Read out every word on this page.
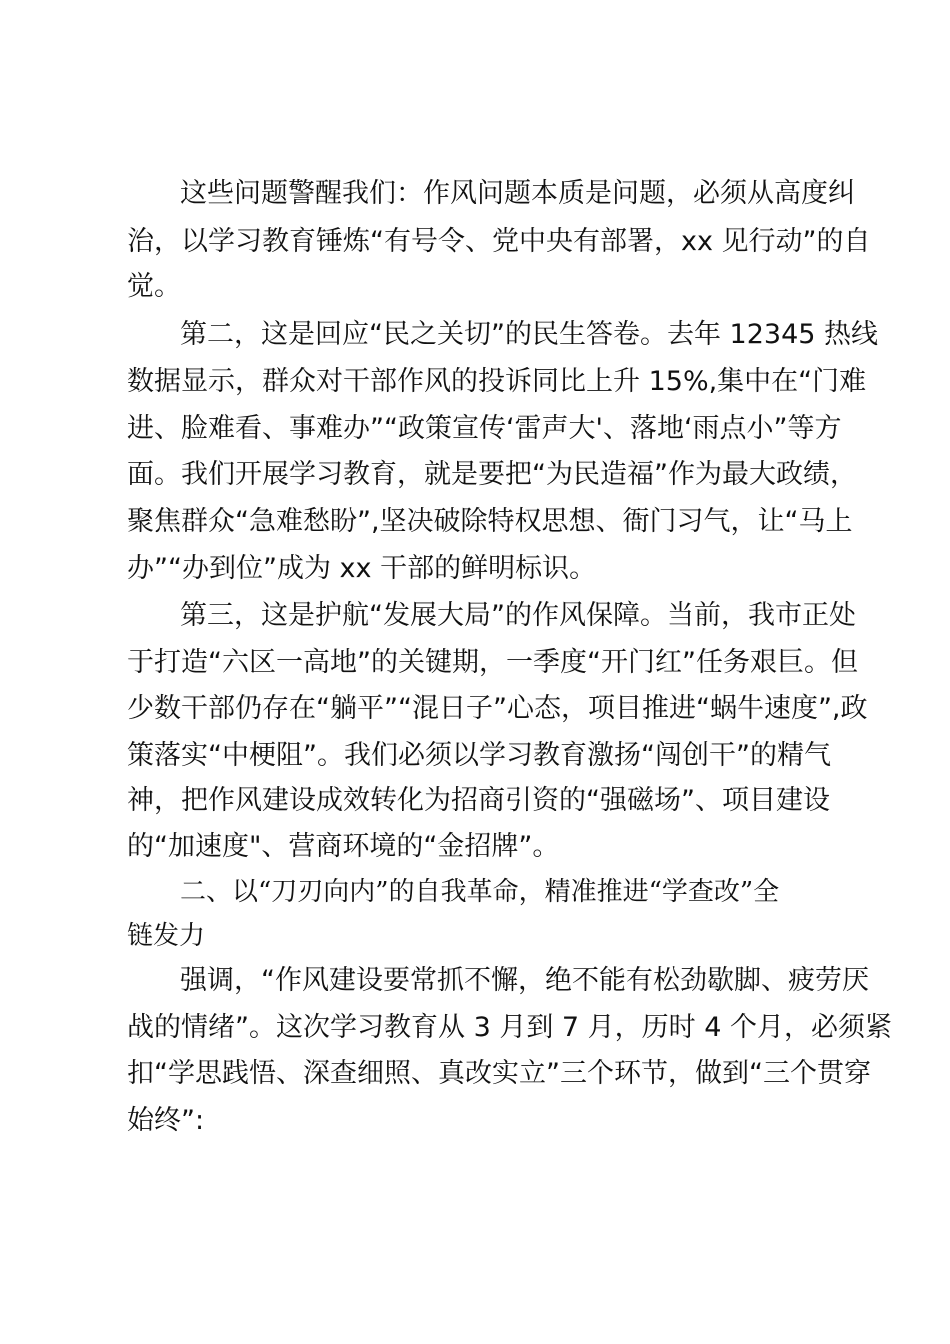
这些问题警醒我们：作风问题本质是问题，必须从高度纠
治，以学习教育锤炼“有号令、党中央有部署，xx 见行动”的自
觉。
第二，这是回应“民之关切”的民生答卷。去年 12345 热线
数据显示，群众对干部作风的投诉同比上升 15%,集中在“门难
进、脸难看、事难办”“政策宣传‘雷声大'、落地‘雨点小”等方
面。我们开展学习教育，就是要把“为民造福”作为最大政绩，
聚焦群众“急难愁盼”,坚决破除特权思想、衙门习气，让“马上
办”“办到位”成为 xx 干部的鲜明标识。
第三，这是护航“发展大局”的作风保障。当前，我市正处
于打造“六区一高地”的关键期，一季度“开门红”任务艰巨。但
少数干部仍存在“躺平”“混日子”心态，项目推进“蜗牛速度”,政
策落实“中梗阻”。我们必须以学习教育激扬“闯创干”的精气
神，把作风建设成效转化为招商引资的“强磁场”、项目建设
的“加速度"、营商环境的“金招牌”。
二、以“刀刃向内”的自我革命，精准推进“学查改”全
链发力
强调，“作风建设要常抓不懈，绝不能有松劲歇脚、疲劳厌
战的情绪”。这次学习教育从 3 月到 7 月，历时 4 个月，必须紧
扣“学思践悟、深查细照、真改实立”三个环节，做到“三个贯穿
始终”:
